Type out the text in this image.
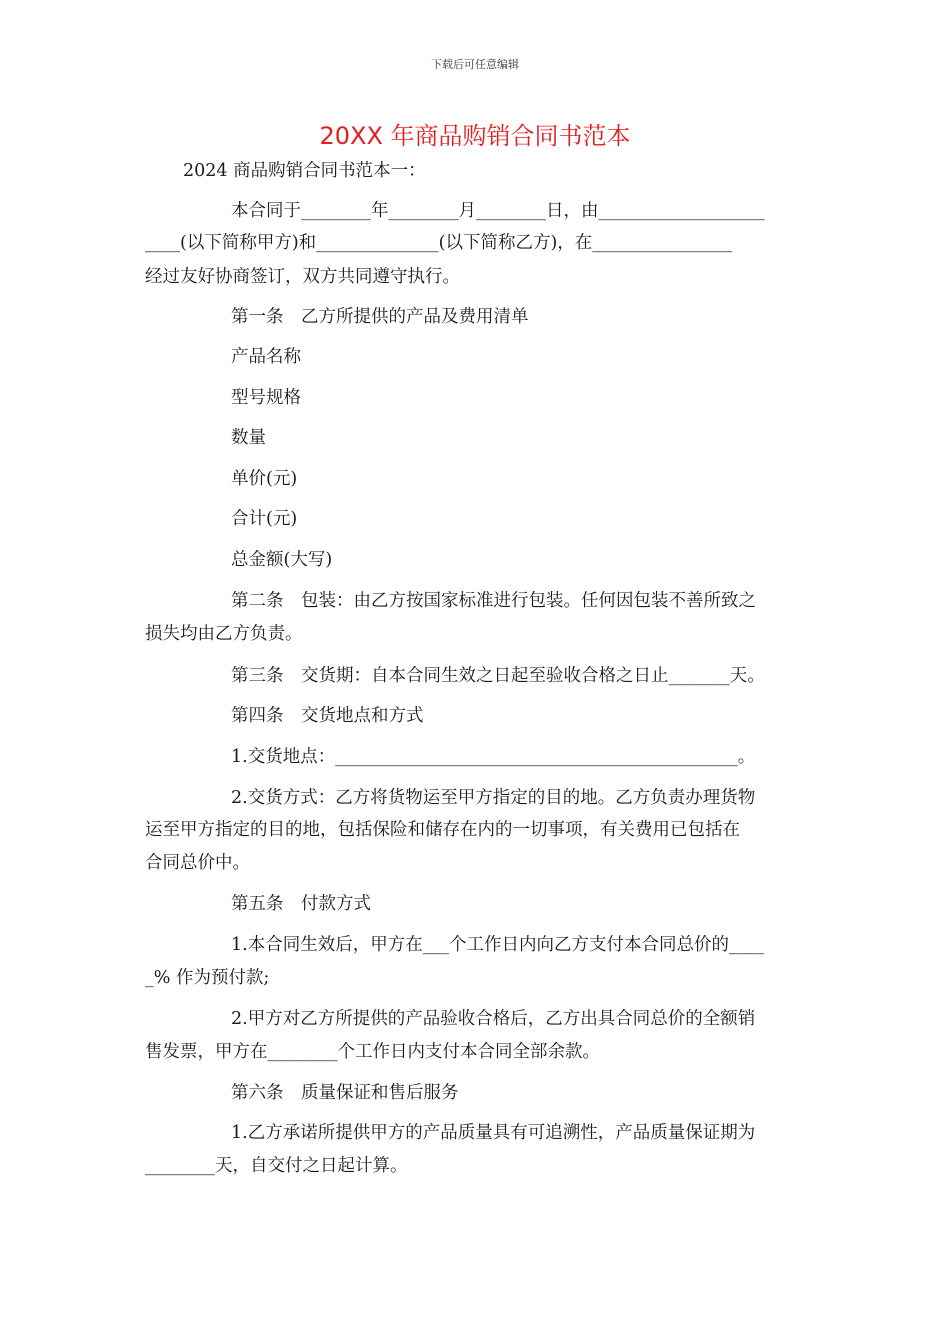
下载后可任意编辑
20XX 年商品购销合同书范本
2024 商品购销合同书范本一：
本合同于________年________月________日，由___________________
____(以下简称甲方)和______________(以下简称乙方)，在________________
经过友好协商签订，双方共同遵守执行。
第一条　乙方所提供的产品及费用清单
产品名称
型号规格
数量
单价(元)
合计(元)
总金额(大写)
第二条　包装：由乙方按国家标准进行包装。任何因包装不善所致之
损失均由乙方负责。
第三条　交货期：自本合同生效之日起至验收合格之日止_______天。
第四条　交货地点和方式
1.交货地点：______________________________________________。
2.交货方式：乙方将货物运至甲方指定的目的地。乙方负责办理货物
运至甲方指定的目的地，包括保险和储存在内的一切事项，有关费用已包括在
合同总价中。
第五条　付款方式
1.本合同生效后，甲方在___个工作日内向乙方支付本合同总价的____
_% 作为预付款;
2.甲方对乙方所提供的产品验收合格后，乙方出具合同总价的全额销
售发票，甲方在________个工作日内支付本合同全部余款。
第六条　质量保证和售后服务
1.乙方承诺所提供甲方的产品质量具有可追溯性，产品质量保证期为
________天，自交付之日起计算。
